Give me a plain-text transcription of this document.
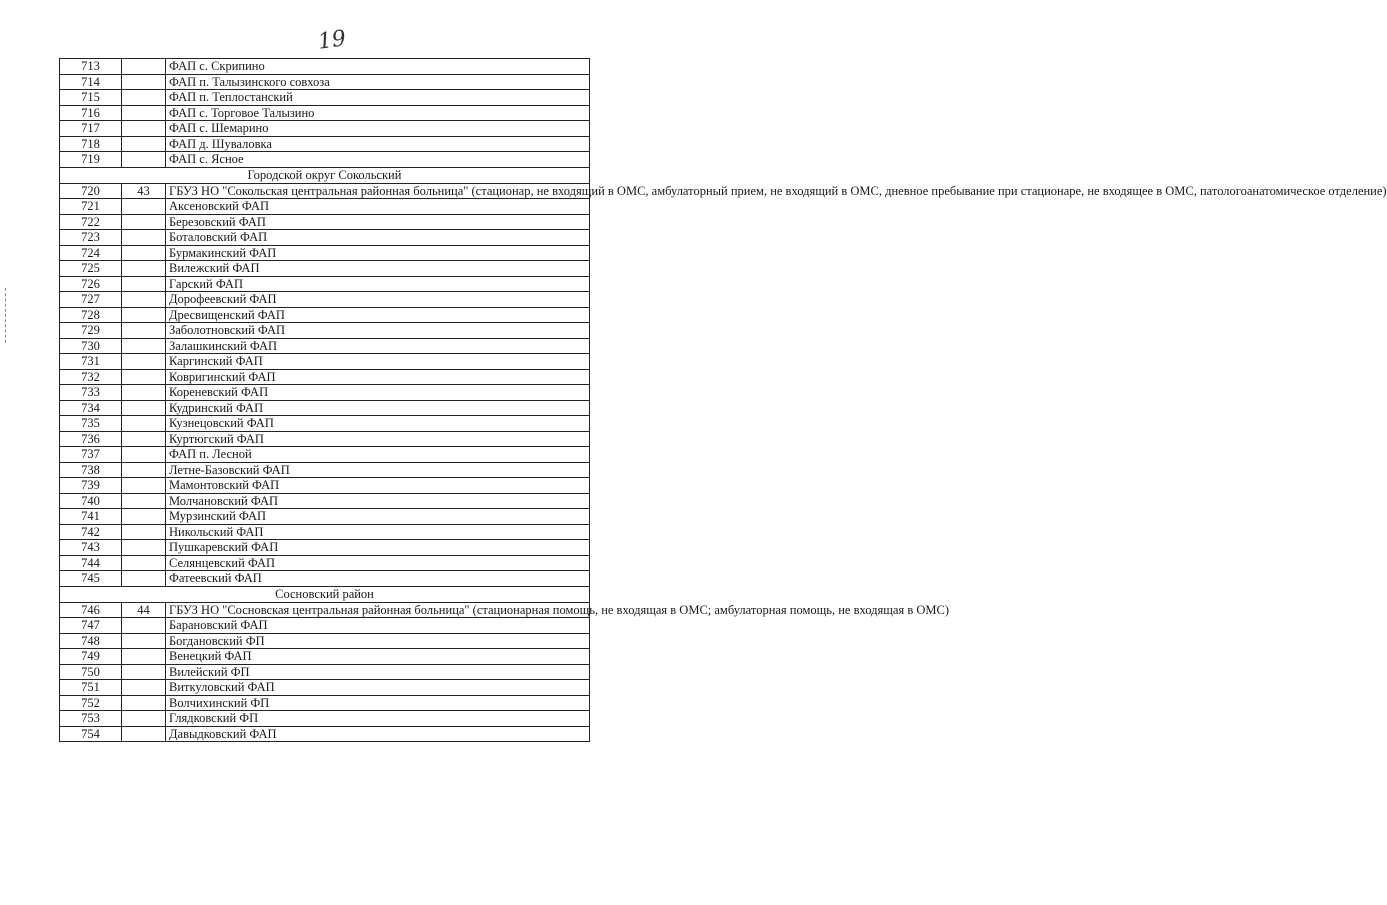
19
713		ФАП с. Скрипино
714		ФАП п. Талызинского совхоза
715		ФАП п. Теплостанский
716		ФАП с. Торговое Талызино
717		ФАП с. Шемарино
718		ФАП д. Шуваловка
719		ФАП с. Ясное
Городской округ Сокольский		
720	43	ГБУЗ НО "Сокольская центральная районная больница" (стационар, не входящий в ОМС, амбулаторный прием, не входящий в ОМС, дневное пребывание при стационаре, не входящее в ОМС, патологоанатомическое отделение)
721		Аксеновский ФАП
722		Березовский ФАП
723		Боталовский ФАП
724		Бурмакинский ФАП
725		Вилежский ФАП
726		Гарский ФАП
727		Дорофеевский ФАП
728		Дресвищенский ФАП
729		Заболотновский ФАП
730		Залашкинский ФАП
731		Каргинский ФАП
732		Ковригинский ФАП
733		Кореневский ФАП
734		Кудринский ФАП
735		Кузнецовский ФАП
736		Куртюгский ФАП
737		ФАП п. Лесной
738		Летне-Базовский ФАП
739		Мамонтовский ФАП
740		Молчановский ФАП
741		Мурзинский ФАП
742		Никольский ФАП
743		Пушкаревский ФАП
744		Селянцевский ФАП
745		Фатеевский ФАП
Сосновский район		
746	44	ГБУЗ НО "Сосновская центральная районная больница" (стационарная помощь, не входящая в ОМС; амбулаторная помощь, не входящая в ОМС)
747		Барановский ФАП
748		Богдановский ФП
749		Венецкий ФАП
750		Вилейский ФП
751		Виткуловский ФАП
752		Волчихинский ФП
753		Глядковский ФП
754		Давыдковский ФАП
